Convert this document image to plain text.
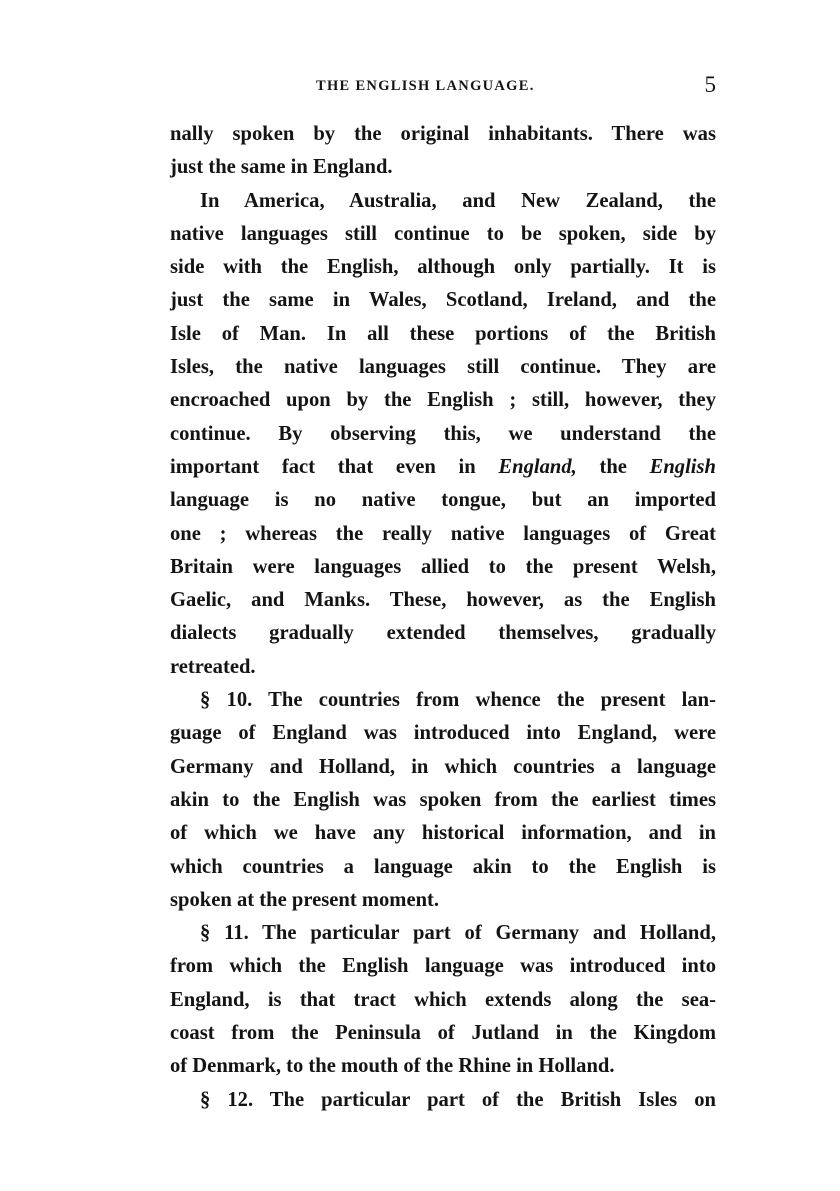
THE ENGLISH LANGUAGE.	5

nally spoken by the original inhabitants. There was
just the same in England.

In America, Australia, and New Zealand, the
native languages still continue to be spoken, side by
side with the English, although only partially. It is
just the same in Wales, Scotland, Ireland, and the
Isle of Man. In all these portions of the British
Isles, the native languages still continue. They are
encroached upon by the English ; still, however, they
continue. By observing this, we understand the
important fact that even in England, the English
language is no native tongue, but an imported
one ; whereas the really native languages of Great
Britain were languages allied to the present Welsh,
Gaelic, and Manks. These, however, as the English
dialects gradually extended themselves, gradually
retreated.

§ 10. The countries from whence the present lan-
guage of England was introduced into England, were
Germany and Holland, in which countries a language
akin to the English was spoken from the earliest times
of which we have any historical information, and in
which countries a language akin to the English is
spoken at the present moment.

§ 11. The particular part of Germany and Holland,
from which the English language was introduced into
England, is that tract which extends along the sea-
coast from the Peninsula of Jutland in the Kingdom
of Denmark, to the mouth of the Rhine in Holland.

§ 12. The particular part of the British Isles on
